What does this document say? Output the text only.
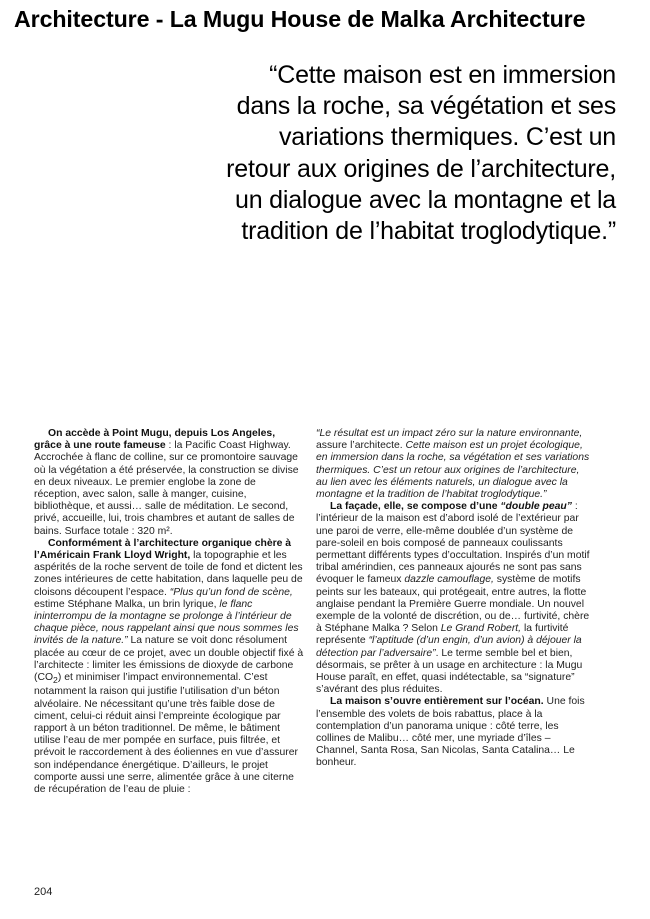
Architecture - La Mugu House de Malka Architecture
“Cette maison est en immersion
dans la roche, sa végétation et ses
variations thermiques. C’est un
retour aux origines de l’architecture,
un dialogue avec la montagne et la
tradition de l’habitat troglodytique.”

On accède à Point Mugu, depuis Los Angeles, grâce à une route fameuse : la Pacific Coast Highway. Accrochée à flanc de colline, sur ce promontoire sauvage où la végétation a été préservée, la construction se divise en deux niveaux. Le premier englobe la zone de réception, avec salon, salle à manger, cuisine, bibliothèque, et aussi… salle de méditation. Le second, privé, accueille, lui, trois chambres et autant de salles de bains. Surface totale : 320 m².

Conformément à l’architecture organique chère à l’Américain Frank Lloyd Wright, la topographie et les aspérités de la roche servent de toile de fond et dictent les zones intérieures de cette habitation, dans laquelle peu de cloisons découpent l’espace. “Plus qu’un fond de scène, estime Stéphane Malka, un brin lyrique, le flanc ininterrompu de la montagne se prolonge à l’intérieur de chaque pièce, nous rappelant ainsi que nous sommes les invités de la nature.” La nature se voit donc résolument placée au cœur de ce projet, avec un double objectif fixé à l’architecte : limiter les émissions de dioxyde de carbone $(CO_2)$ et minimiser l’impact environnemental. C’est notamment la raison qui justifie l’utilisation d’un béton alvéolaire. Ne nécessitant qu’une très faible dose de ciment, celui-ci réduit ainsi l’empreinte écologique par rapport à un béton traditionnel. De même, le bâtiment utilise l’eau de mer pompée en surface, puis filtrée, et prévoit le raccordement à des éoliennes en vue d’assurer son indépendance énergétique. D’ailleurs, le projet comporte aussi une serre, alimentée grâce à une citerne de récupération de l’eau de pluie :

“Le résultat est un impact zéro sur la nature environnante, assure l’architecte. Cette maison est un projet écologique, en immersion dans la roche, sa végétation et ses variations thermiques. C’est un retour aux origines de l’architecture, au lien avec les éléments naturels, un dialogue avec la montagne et la tradition de l’habitat troglodytique.”

La façade, elle, se compose d’une “double peau” : l’intérieur de la maison est d’abord isolé de l’extérieur par une paroi de verre, elle-même doublée d’un système de pare-soleil en bois composé de panneaux coulissants permettant différents types d’occultation. Inspirés d’un motif tribal amérindien, ces panneaux ajourés ne sont pas sans évoquer le fameux dazzle camouflage, système de motifs peints sur les bateaux, qui protégeait, entre autres, la flotte anglaise pendant la Première Guerre mondiale. Un nouvel exemple de la volonté de discrétion, ou de… furtivité, chère à Stéphane Malka ? Selon Le Grand Robert, la furtivité représente “l’aptitude (d’un engin, d’un avion) à déjouer la détection par l’adversaire”. Le terme semble bel et bien, désormais, se prêter à un usage en architecture : la Mugu House paraît, en effet, quasi indétectable, sa “signature” s’avérant des plus réduites.

La maison s’ouvre entièrement sur l’océan. Une fois l’ensemble des volets de bois rabattus, place à la contemplation d’un panorama unique : côté terre, les collines de Malibu… côté mer, une myriade d’îles – Channel, Santa Rosa, San Nicolas, Santa Catalina… Le bonheur.

204
